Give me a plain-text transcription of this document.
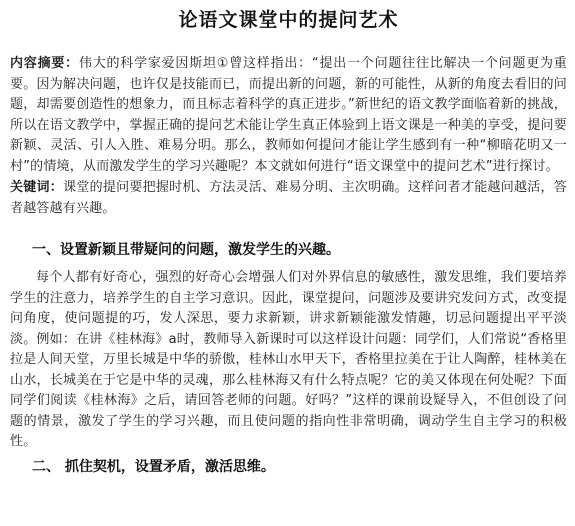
论语文课堂中的提问艺术

内容摘要：伟大的科学家爱因斯坦①曾这样指出：“提出一个问题往往比解决一个问题更为重要。因为解决问题，也许仅是技能而已，而提出新的问题，新的可能性，从新的角度去看旧的问题，却需要创造性的想象力，而且标志着科学的真正进步。”新世纪的语文教学面临着新的挑战，所以在语文教学中，掌握正确的提问艺术能让学生真正体验到上语文课是一种美的享受，提问要新颖、灵活、引人入胜、难易分明。那么，教师如何提问才能让学生感到有一种“柳暗花明又一村”的情境，从而激发学生的学习兴趣呢？本文就如何进行“语文课堂中的提问艺术”进行探讨。

关键词：课堂的提问要把握时机、方法灵活、难易分明、主次明确。这样问者才能越问越活，答者越答越有兴趣。

一、设置新颖且带疑问的问题，激发学生的兴趣。

每个人都有好奇心，强烈的好奇心会增强人们对外界信息的敏感性，激发思维，我们要培养学生的注意力，培养学生的自主学习意识。因此，课堂提问，问题涉及要讲究发问方式，改变提问角度，使问题提的巧，发人深思，要力求新颖，讲求新颖能激发情趣，切忌问题提出平平淡淡。例如：在讲《桂林海》a时，教师导入新课时可以这样设计问题：同学们，人们常说“香格里拉是人间天堂，万里长城是中华的骄傲，桂林山水甲天下，香格里拉美在于让人陶醉，桂林美在山水，长城美在于它是中华的灵魂，那么桂林海又有什么特点呢？它的美又体现在何处呢？下面同学们阅读《桂林海》之后，请回答老师的问题。好吗？”这样的课前设疑导入，不但创设了问题的情景，激发了学生的学习兴趣，而且使问题的指向性非常明确，调动学生自主学习的积极性。

二、 抓住契机，设置矛盾，激活思维。
